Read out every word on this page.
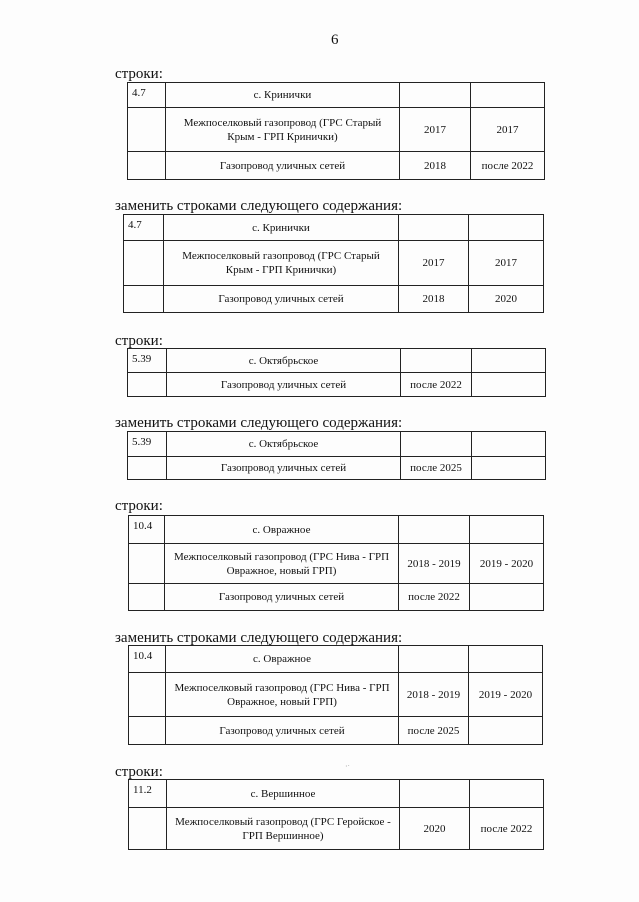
6
строки:
4.7	с. Кринички		
	Межпоселковый газопровод (ГРС Старый Крым - ГРП Кринички)	2017	2017
	Газопровод уличных сетей	2018	после 2022
заменить строками следующего содержания:
4.7	с. Кринички		
	Межпоселковый газопровод (ГРС Старый Крым - ГРП Кринички)	2017	2017
	Газопровод уличных сетей	2018	2020
строки:
5.39	с. Октябрьское		
	Газопровод уличных сетей	после 2022	
заменить строками следующего содержания:
5.39	с. Октябрьское		
	Газопровод уличных сетей	после 2025	
строки:
10.4	с. Овражное		
	Межпоселковый газопровод (ГРС Нива - ГРП Овражное, новый ГРП)	2018 - 2019	2019 - 2020
	Газопровод уличных сетей	после 2022	
заменить строками следующего содержания:
10.4	с. Овражное		
	Межпоселковый газопровод (ГРС Нива - ГРП Овражное, новый ГРП)	2018 - 2019	2019 - 2020
	Газопровод уличных сетей	после 2025	
строки:
11.2	с. Вершинное		
	Межпоселковый газопровод (ГРС Геройское - ГРП Вершинное)	2020	после 2022
·ˑ
